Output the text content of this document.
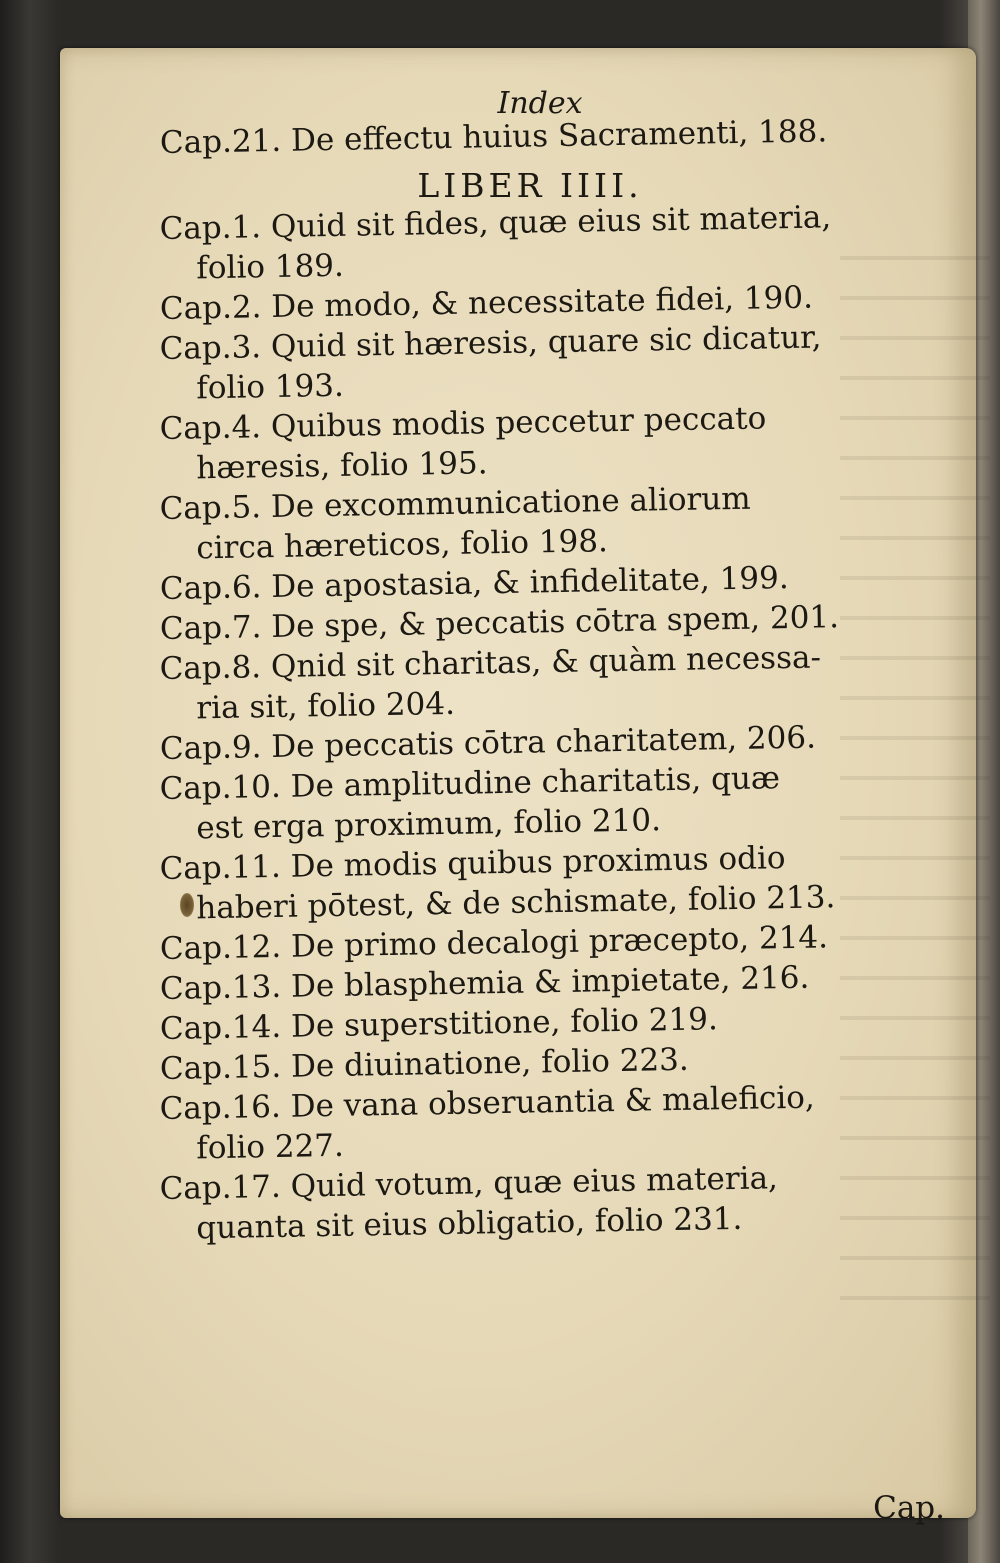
Index
Cap.21. De effectu huius Sacramenti, 188.
LIBER IIII.
Cap.1. Quid sit fides, quæ eius sit materia,
folio 189.
Cap.2. De modo, & necessitate fidei, 190.
Cap.3. Quid sit hæresis, quare sic dicatur,
folio 193.
Cap.4. Quibus modis peccetur peccato
hæresis, folio 195.
Cap.5. De excommunicatione aliorum
circa hæreticos, folio 198.
Cap.6. De apostasia, & infidelitate, 199.
Cap.7. De spe, & peccatis cōtra spem, 201.
Cap.8. Qnid sit charitas, & quàm necessa-
ria sit, folio 204.
Cap.9. De peccatis cōtra charitatem, 206.
Cap.10. De amplitudine charitatis, quæ
est erga proximum, folio 210.
Cap.11. De modis quibus proximus odio
haberi pōtest, & de schismate, folio 213.
Cap.12. De primo decalogi præcepto, 214.
Cap.13. De blasphemia & impietate, 216.
Cap.14. De superstitione, folio 219.
Cap.15. De diuinatione, folio 223.
Cap.16. De vana obseruantia & maleficio,
folio 227.
Cap.17. Quid votum, quæ eius materia,
quanta sit eius obligatio, folio 231.
Cap.
